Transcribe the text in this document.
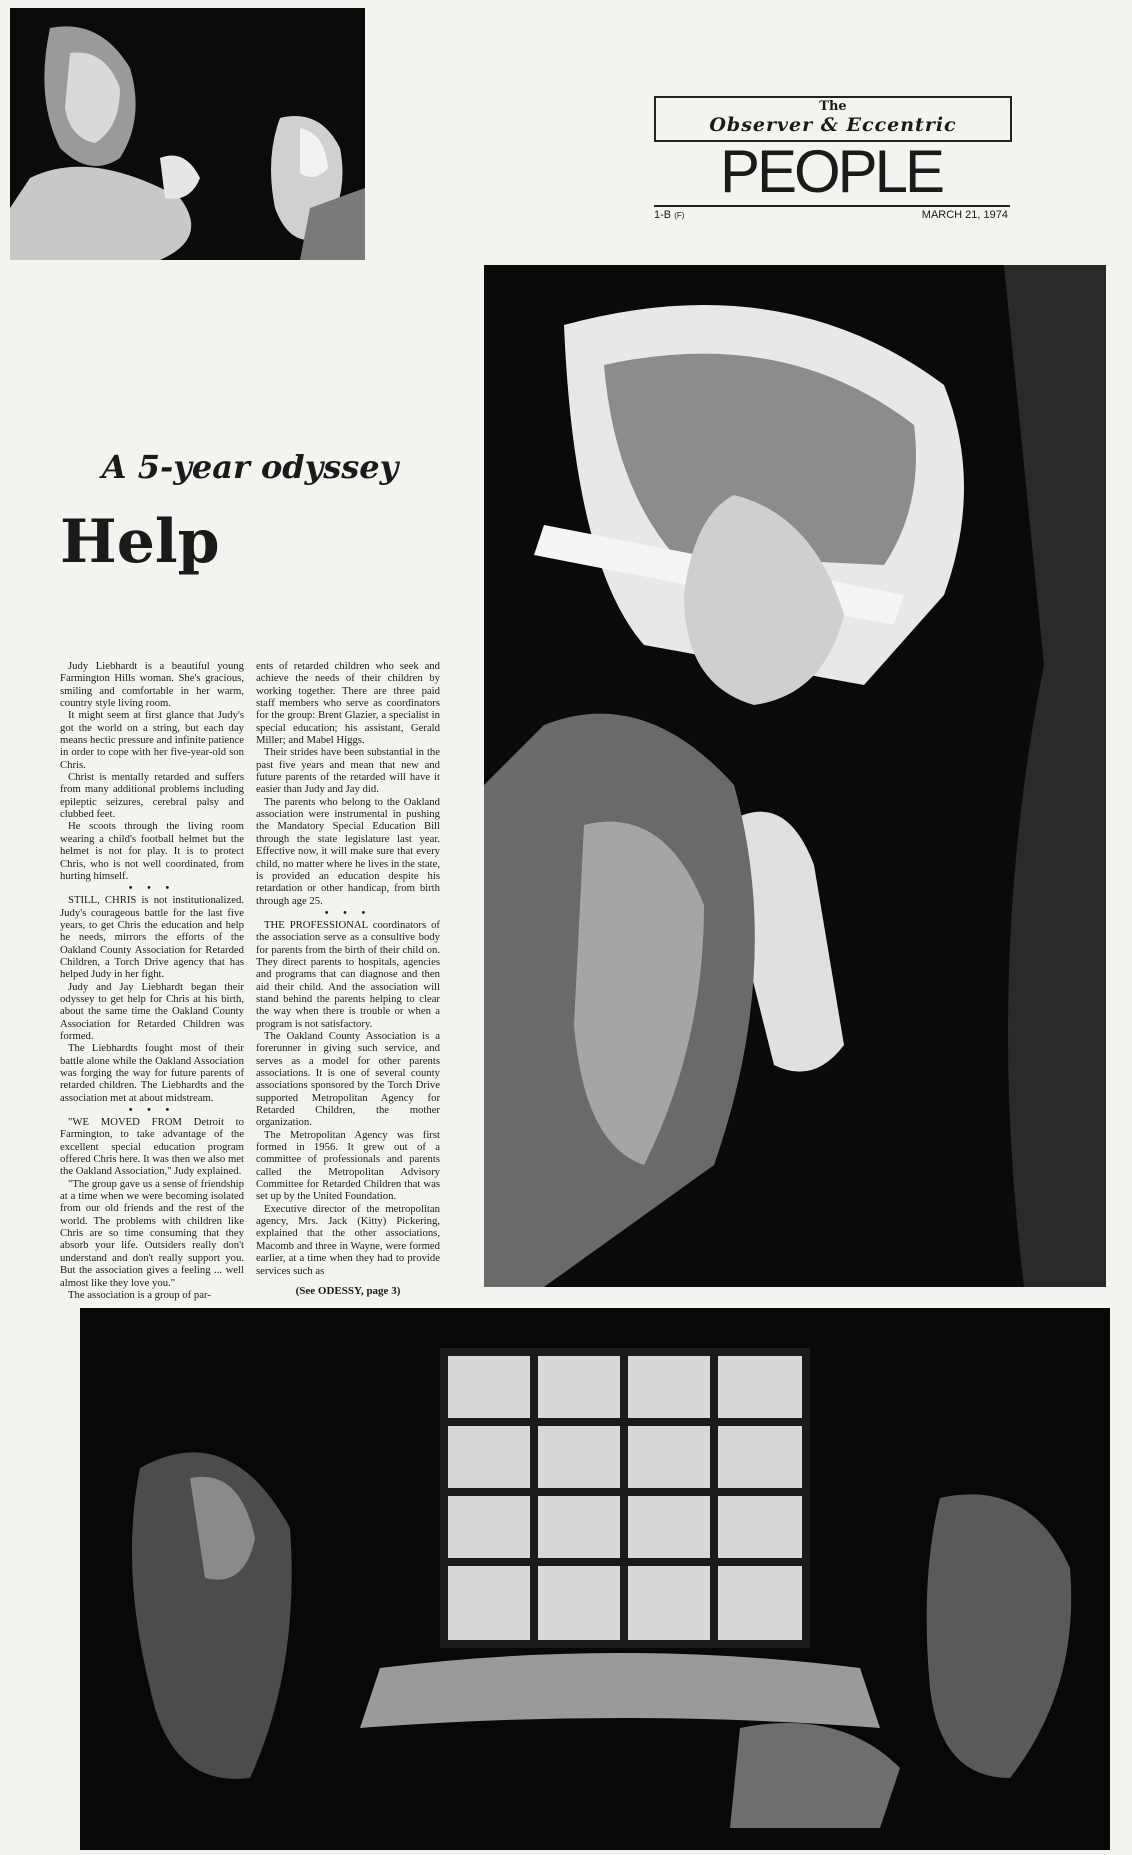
The
Observer & Eccentric
PEOPLE
1-B (F)	MARCH 21, 1974
A 5-year odyssey
Help

Judy Liebhardt is a beautiful young Farmington Hills woman. She's gracious, smiling and comfortable in her warm, country style living room.

It might seem at first glance that Judy's got the world on a string, but each day means hectic pressure and infinite patience in order to cope with her five-year-old son Chris.

Christ is mentally retarded and suffers from many additional problems including epileptic seizures, cerebral palsy and clubbed feet.

He scoots through the living room wearing a child's football helmet but the helmet is not for play. It is to protect Chris, who is not well coordinated, from hurting himself.

• • •

STILL, CHRIS is not institutionalized. Judy's courageous battle for the last five years, to get Chris the education and help he needs, mirrors the efforts of the Oakland County Association for Retarded Children, a Torch Drive agency that has helped Judy in her fight.

Judy and Jay Liebhardt began their odyssey to get help for Chris at his birth, about the same time the Oakland County Association for Retarded Children was formed.

The Liebhardts fought most of their battle alone while the Oakland Association was forging the way for future parents of retarded children. The Liebhardts and the association met at about midstream.

• • •

"WE MOVED FROM Detroit to Farmington, to take advantage of the excellent special education program offered Chris here. It was then we also met the Oakland Association," Judy explained.

"The group gave us a sense of friendship at a time when we were becoming isolated from our old friends and the rest of the world. The problems with children like Chris are so time consuming that they absorb your life. Outsiders really don't understand and don't really support you. But the association gives a feeling ... well almost like they love you."

The association is a group of par-

ents of retarded children who seek and achieve the needs of their children by working together. There are three paid staff members who serve as coordinators for the group: Brent Glazier, a specialist in special education; his assistant, Gerald Miller; and Mabel Higgs.

Their strides have been substantial in the past five years and mean that new and future parents of the retarded will have it easier than Judy and Jay did.

The parents who belong to the Oakland association were instrumental in pushing the Mandatory Special Education Bill through the state legislature last year. Effective now, it will make sure that every child, no matter where he lives in the state, is provided an education despite his retardation or other handicap, from birth through age 25.

• • •

THE PROFESSIONAL coordinators of the association serve as a consultive body for parents from the birth of their child on. They direct parents to hospitals, agencies and programs that can diagnose and then aid their child. And the association will stand behind the parents helping to clear the way when there is trouble or when a program is not satisfactory.

The Oakland County Association is a forerunner in giving such service, and serves as a model for other parents associations. It is one of several county associations sponsored by the Torch Drive supported Metropolitan Agency for Retarded Children, the mother organization.

The Metropolitan Agency was first formed in 1956. It grew out of a committee of professionals and parents called the Metropolitan Advisory Committee for Retarded Children that was set up by the United Foundation.

Executive director of the metropolitan agency, Mrs. Jack (Kitty) Pickering, explained that the other associations, Macomb and three in Wayne, were formed earlier, at a time when they had to provide services such as

(See ODESSY, page 3)
